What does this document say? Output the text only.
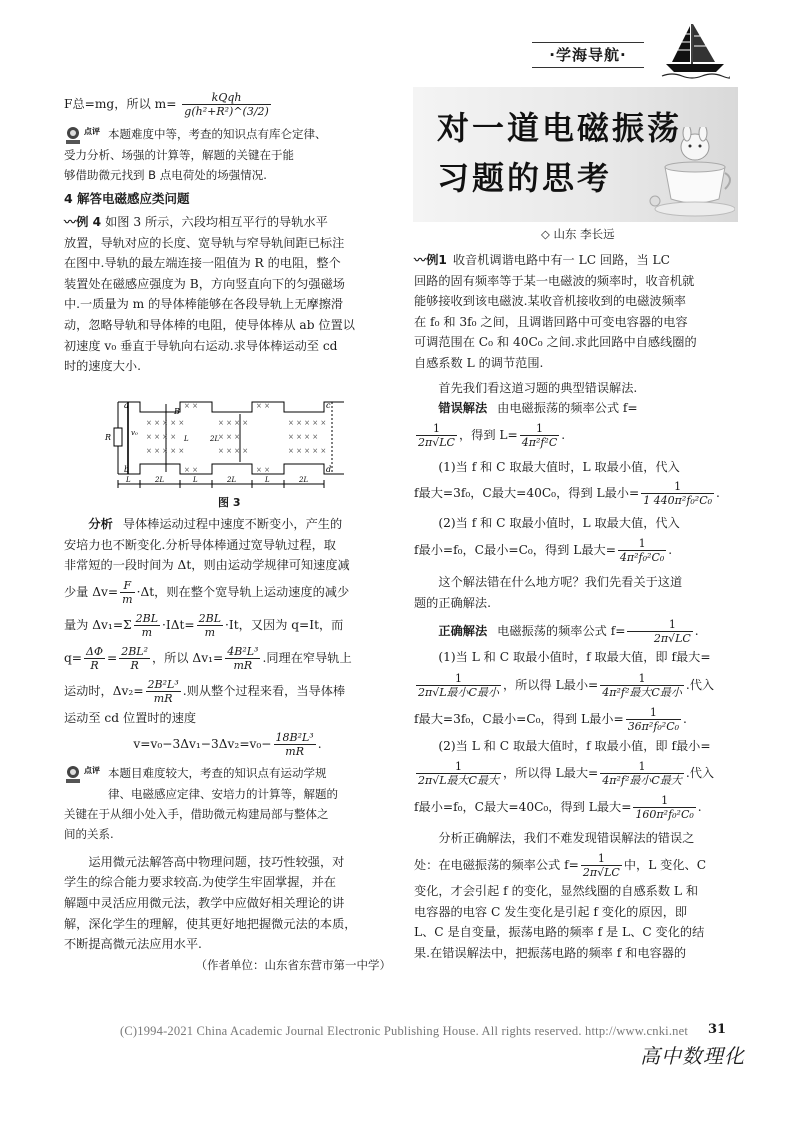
·学海导航·

F总=mg，所以 $m= \frac{\text{kQqh}}{\text{g(h²+R²)\textasciicircum{}(3/2)}}$

点评 本题难度中等，考查的知识点有库仑定律、
受力分析、场强的计算等，解题的关键在于能
够借助微元找到 B 点电荷处的场强情况.

4 解答电磁感应类问题

〰例 4 如图 3 所示，六段均相互平行的导轨水平

放置，导轨对应的长度、宽导轨与窄导轨间距已标注

在图中.导轨的最左端连接一阻值为 R 的电阻，整个

装置处在磁感应强度为 B，方向竖直向下的匀强磁场

中.一质量为 m 的导体棒能够在各段导轨上无摩擦滑

动，忽略导轨和导体棒的电阻，使导体棒从 ab 位置以

初速度 v₀ 垂直于导轨向右运动.求导体棒运动至 cd

时的速度大小.

× × × × ×
× × × ×
× × × × ×
× × × ×
× × ×
× × × ×
× × × × ×
× × × ×
× × × × ×
× ×	× ×
× ×	× ×
a
b
c
d
B
R	v₀
L	2L
L	2L	L	2L	L	2L
图 3

分析 导体棒运动过程中速度不断变小，产生的

安培力也不断变化.分析导体棒通过宽导轨过程，取

非常短的一段时间为 Δt，则由运动学规律可知速度减

少量 $\Delta v= \frac{F}{m} \cdot\Delta t$，则在整个宽导轨上运动速度的减少

量为 $\Delta v_1=\Sigma \frac{2BL}{m} \cdot I\Delta t= \frac{2BL}{m} \cdot It$，又因为 q=It，而

$q= \frac{\Delta\Phi}{R} = \frac{\text{2BL²}}{R}$ ，所以 $\Delta v_1= \frac{\text{4B²L³}}{mR}$ .同理在窄导轨上

运动时，$\Delta v_2= \frac{\text{2B²L³}}{mR}$ .则从整个过程来看，当导体棒

运动至 cd 位置时的速度

$v=v_0-3\Delta v_1-3\Delta v_2=v_0- \frac{\text{18B²L³}}{mR}$ .

点评 本题目难度较大，考查的知识点有运动学规
律、电磁感应定律、安培力的计算等，解题的
关键在于从细小处入手，借助微元构建局部与整体之
间的关系.

运用微元法解答高中物理问题，技巧性较强，对

学生的综合能力要求较高.为使学生牢固掌握，并在

解题中灵活应用微元法，教学中应做好相关理论的讲

解，深化学生的理解，使其更好地把握微元法的本质，

不断提高微元法应用水平.

（作者单位：山东省东营市第一中学）

对一道电磁振荡
习题的思考
◇ 山东 李长远

〰例1 收音机调谐电路中有一 LC 回路，当 LC

回路的固有频率等于某一电磁波的频率时，收音机就

能够接收到该电磁波.某收音机接收到的电磁波频率

在 f₀ 和 3f₀ 之间，且调谐回路中可变电容器的电容

可调范围在 C₀ 和 40C₀ 之间.求此回路中自感线圈的

自感系数 L 的调节范围.

首先我们看这道习题的典型错误解法.

错误解法 由电磁振荡的频率公式 f=

$\frac{1}{2\pi√LC}$ ，得到 $L= \frac{1}{\text{4π²f²C}}$ .

(1)当 f 和 C 取最大值时，L 取最小值，代入

f最大=3f₀，C最大=40C₀，得到 L最小= $\frac{1}{\text{1 440π²f₀²C₀}}$ .

(2)当 f 和 C 取最小值时，L 取最大值，代入

f最小=f₀，C最小=C₀，得到 L最大= $\frac{1}{\text{4π²f₀²C₀}}$ .

这个解法错在什么地方呢？我们先看关于这道

题的正确解法.

正确解法 电磁振荡的频率公式 $f= \frac{1}{2\pi√LC}$ .

(1)当 L 和 C 取最小值时，f 取最大值，即 f最大=

$\frac{1}{\text{2π√L最小C最小}}$ ，所以得 L最小= $\frac{1}{\text{4π²f²最大C最小}}$ .代入

f最大=3f₀，C最小=C₀，得到 L最小= $\frac{1}{\text{36π²f₀²C₀}}$ .

(2)当 L 和 C 取最大值时，f 取最小值，即 f最小=

$\frac{1}{\text{2π√L最大C最大}}$ ，所以得 L最大= $\frac{1}{\text{4π²f²最小C最大}}$ .代入

f最小=f₀，C最大=40C₀，得到 L最大= $\frac{1}{\text{160π²f₀²C₀}}$ .

分析正确解法，我们不难发现错误解法的错误之

处：在电磁振荡的频率公式 $f= \frac{1}{2\pi√LC}$ 中，L 变化、C

变化，才会引起 f 的变化，显然线圈的自感系数 L 和

电容器的电容 C 发生变化是引起 f 变化的原因，即

L、C 是自变量，振荡电路的频率 f 是 L、C 变化的结

果.在错误解法中，把振荡电路的频率 f 和电容器的

(C)1994-2021 China Academic Journal Electronic Publishing House. All rights reserved. http://www.cnki.net 31
高中数理化
